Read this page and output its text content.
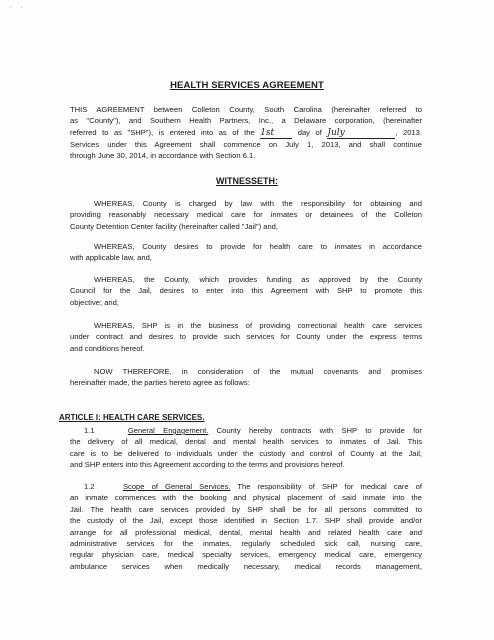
· ·
HEALTH SERVICES AGREEMENT
THIS AGREEMENT between Colleton County, South Carolina (hereinafter referred to
as "County"), and Southern Health Partners, Inc., a Delaware corporation, (hereinafter
referred to as "SHP"), is entered into as of the 1st	day of July	, 2013.
Services under this Agreement shall commence on July 1, 2013, and shall continue
through June 30, 2014, in accordance with Section 6.1.
WITNESSETH:
WHEREAS, County is charged by law with the responsibility for obtaining and
providing reasonably necessary medical care for inmates or detainees of the Colleton
County Detention Center facility (hereinafter called "Jail") and,
WHEREAS, County desires to provide for health care to inmates in accordance
with applicable law, and,
WHEREAS, the County, which provides funding as approved by the County
Council for the Jail, desires to enter into this Agreement with SHP to promote this
objective; and,
WHEREAS, SHP is in the business of providing correctional health care services
under contract and desires to provide such services for County under the express terms
and conditions hereof.
NOW THEREFORE, in consideration of the mutual covenants and promises
hereinafter made, the parties hereto agree as follows:
ARTICLE I: HEALTH CARE SERVICES.
1.1	General Engagement. County hereby contracts with SHP to provide for
the delivery of all medical, dental and mental health services to inmates of Jail. This
care is to be delivered to individuals under the custody and control of County at the Jail,
and SHP enters into this Agreement according to the terms and provisions hereof.
1.2	Scope of General Services. The responsibility of SHP for medical care of
an inmate commences with the booking and physical placement of said inmate into the
Jail. The health care services provided by SHP shall be for all persons committed to
the custody of the Jail, except those identified in Section 1.7. SHP shall provide and/or
arrange for all professional medical, dental, mental health and related health care and
administrative services for the inmates, regularly scheduled sick call, nursing care,
regular physician care, medical specialty services, emergency medical care, emergency
ambulance services when medically necessary, medical records management,
